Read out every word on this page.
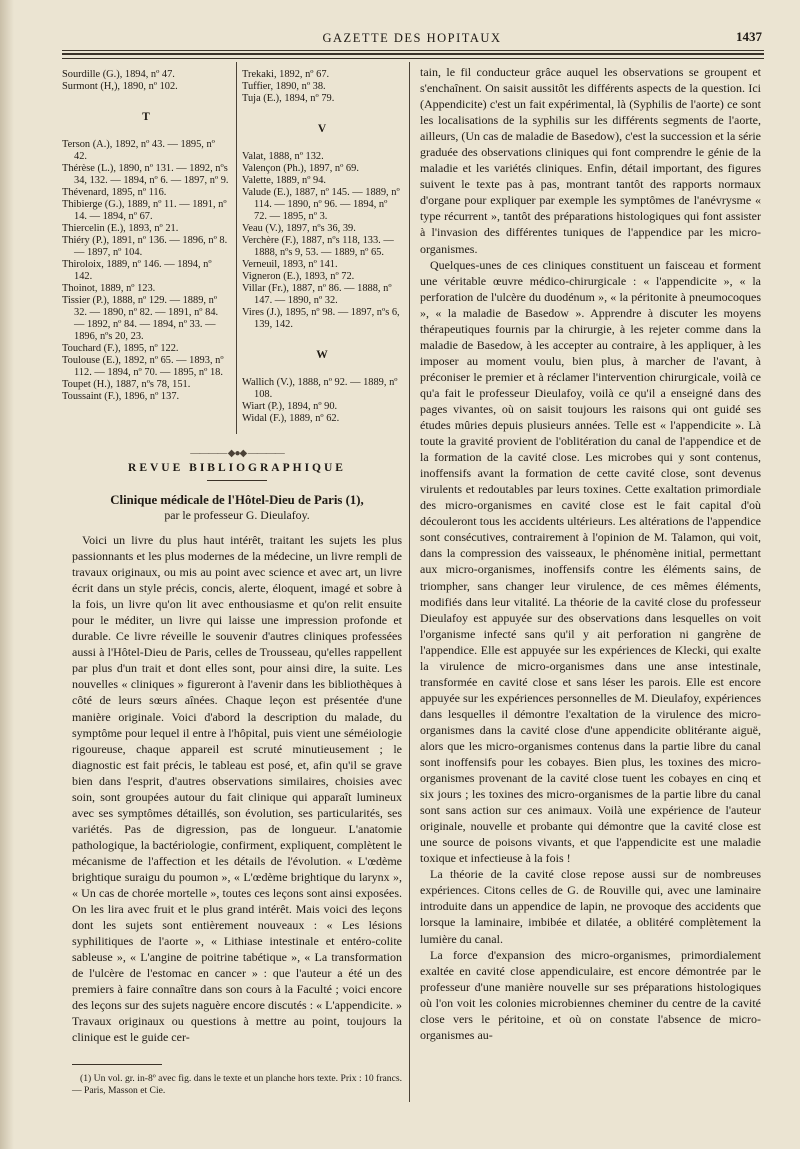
GAZETTE DES HOPITAUX	1437

Sourdille (G.), 1894, nº 47.

Surmont (H,), 1890, nº 102.

T

Terson (A.), 1892, nº 43. — 1895, nº 42.

Thérèse (L.), 1890, nº 131. — 1892, nºs 34, 132. — 1894, nº 6. — 1897, nº 9.

Thévenard, 1895, nº 116.

Thibierge (G.), 1889, nº 11. — 1891, nº 14. — 1894, nº 67.

Thiercelin (E.), 1893, nº 21.

Thiéry (P.), 1891, nº 136. — 1896, nº 8. — 1897, nº 104.

Thiroloix, 1889, nº 146. — 1894, nº 142.

Thoinot, 1889, nº 123.

Tissier (P.), 1888, nº 129. — 1889, nº 32. — 1890, nº 82. — 1891, nº 84. — 1892, nº 84. — 1894, nº 33. — 1896, nºs 20, 23.

Touchard (F.), 1895, nº 122.

Toulouse (E.), 1892, nº 65. — 1893, nº 112. — 1894, nº 70. — 1895, nº 18.

Toupet (H.), 1887, nºs 78, 151.

Toussaint (F.), 1896, nº 137.

Trekaki, 1892, nº 67.

Tuffier, 1890, nº 38.

Tuja (E.), 1894, nº 79.

V

Valat, 1888, nº 132.

Valençon (Ph.), 1897, nº 69.

Valette, 1889, nº 94.

Valude (E.), 1887, nº 145. — 1889, nº 114. — 1890, nº 96. — 1894, nº 72. — 1895, nº 3.

Veau (V.), 1897, nºs 36, 39.

Verchère (F.), 1887, nºs 118, 133. — 1888, nºs 9, 53. — 1889, nº 65.

Verneuil, 1893, nº 141.

Vigneron (E.), 1893, nº 72.

Villar (Fr.), 1887, nº 86. — 1888, nº 147. — 1890, nº 32.

Vires (J.), 1895, nº 98. — 1897, nºs 6, 139, 142.

W

Wallich (V.), 1888, nº 92. — 1889, nº 108.

Wiart (P.), 1894, nº 90.

Widal (F.), 1889, nº 62.

———— ◆●◆ ————
REVUE BIBLIOGRAPHIQUE
Clinique médicale de l'Hôtel-Dieu de Paris (1),
par le professeur G. Dieulafoy.

Voici un livre du plus haut intérêt, traitant les sujets les plus passionnants et les plus modernes de la médecine, un livre rempli de travaux originaux, ou mis au point avec science et avec art, un livre écrit dans un style précis, concis, alerte, éloquent, imagé et sobre à la fois, un livre qu'on lit avec enthousiasme et qu'on relit ensuite pour le méditer, un livre qui laisse une impression profonde et durable. Ce livre réveille le souvenir d'autres cliniques professées aussi à l'Hôtel-Dieu de Paris, celles de Trousseau, qu'elles rappellent par plus d'un trait et dont elles sont, pour ainsi dire, la suite. Les nouvelles « cliniques » figureront à l'avenir dans les bibliothèques à côté de leurs sœurs aînées. Chaque leçon est présentée d'une manière originale. Voici d'abord la description du malade, du symptôme pour lequel il entre à l'hôpital, puis vient une séméiologie rigoureuse, chaque appareil est scruté minutieusement ; le diagnostic est fait précis, le tableau est posé, et, afin qu'il se grave bien dans l'esprit, d'autres observations similaires, choisies avec soin, sont groupées autour du fait clinique qui apparaît lumineux avec ses symptômes détaillés, son évolution, ses particularités, ses variétés. Pas de digression, pas de longueur. L'anatomie pathologique, la bactériologie, confirment, expliquent, complètent le mécanisme de l'affection et les détails de l'évolution. « L'œdème brightique suraigu du poumon », « L'œdème brightique du larynx », « Un cas de chorée mortelle », toutes ces leçons sont ainsi exposées. On les lira avec fruit et le plus grand intérêt. Mais voici des leçons dont les sujets sont entièrement nouveaux : « Les lésions syphilitiques de l'aorte », « Lithiase intestinale et entéro-colite sableuse », « L'angine de poitrine tabétique », « La transformation de l'ulcère de l'estomac en cancer » : que l'auteur a été un des premiers à faire connaître dans son cours à la Faculté ; voici encore des leçons sur des sujets naguère encore discutés : « L'appendicite. » Travaux originaux ou questions à mettre au point, toujours la clinique est le guide cer-

(1) Un vol. gr. in-8º avec fig. dans le texte et un planche hors texte. Prix : 10 francs. — Paris, Masson et Cie.

tain, le fil conducteur grâce auquel les observations se groupent et s'enchaînent. On saisit aussitôt les différents aspects de la question. Ici (Appendicite) c'est un fait expérimental, là (Syphilis de l'aorte) ce sont les localisations de la syphilis sur les différents segments de l'aorte, ailleurs, (Un cas de maladie de Basedow), c'est la succession et la série graduée des observations cliniques qui font comprendre le génie de la maladie et les variétés cliniques. Enfin, détail important, des figures suivent le texte pas à pas, montrant tantôt des rapports normaux d'organe pour expliquer par exemple les symptômes de l'anévrysme « type récurrent », tantôt des préparations histologiques qui font assister à l'invasion des différentes tuniques de l'appendice par les micro-organismes.

Quelques-unes de ces cliniques constituent un faisceau et forment une véritable œuvre médico-chirurgicale : « l'appendicite », « la perforation de l'ulcère du duodénum », « la péritonite à pneumocoques », « la maladie de Basedow ». Apprendre à discuter les moyens thérapeutiques fournis par la chirurgie, à les rejeter comme dans la maladie de Basedow, à les accepter au contraire, à les appliquer, à les imposer au moment voulu, bien plus, à marcher de l'avant, à préconiser le premier et à réclamer l'intervention chirurgicale, voilà ce qu'a fait le professeur Dieulafoy, voilà ce qu'il a enseigné dans des pages vivantes, où on saisit toujours les raisons qui ont guidé ses études mûries depuis plusieurs années. Telle est « l'appendicite ». Là toute la gravité provient de l'oblitération du canal de l'appendice et de la formation de la cavité close. Les microbes qui y sont contenus, inoffensifs avant la formation de cette cavité close, sont devenus virulents et redoutables par leurs toxines. Cette exaltation primordiale des micro-organismes en cavité close est le fait capital d'où découleront tous les accidents ultérieurs. Les altérations de l'appendice sont consécutives, contrairement à l'opinion de M. Talamon, qui voit, dans la compression des vaisseaux, le phénomène initial, permettant aux micro-organismes, inoffensifs contre les éléments sains, de triompher, sans changer leur virulence, de ces mêmes éléments, modifiés dans leur vitalité. La théorie de la cavité close du professeur Dieulafoy est appuyée sur des observations dans lesquelles on voit l'organisme infecté sans qu'il y ait perforation ni gangrène de l'appendice. Elle est appuyée sur les expériences de Klecki, qui exalte la virulence de micro-organismes dans une anse intestinale, transformée en cavité close et sans léser les parois. Elle est encore appuyée sur les expériences personnelles de M. Dieulafoy, expériences dans lesquelles il démontre l'exaltation de la virulence des micro-organismes dans la cavité close d'une appendicite oblitérante aiguë, alors que les micro-organismes contenus dans la partie libre du canal sont inoffensifs pour les cobayes. Bien plus, les toxines des micro-organismes provenant de la cavité close tuent les cobayes en cinq et six jours ; les toxines des micro-organismes de la partie libre du canal sont sans action sur ces animaux. Voilà une expérience de l'auteur originale, nouvelle et probante qui démontre que la cavité close est une source de poisons vivants, et que l'appendicite est une maladie toxique et infectieuse à la fois !

La théorie de la cavité close repose aussi sur de nombreuses expériences. Citons celles de G. de Rouville qui, avec une laminaire introduite dans un appendice de lapin, ne provoque des accidents que lorsque la laminaire, imbibée et dilatée, a oblitéré complètement la lumière du canal.

La force d'expansion des micro-organismes, primordialement exaltée en cavité close appendiculaire, est encore démontrée par le professeur d'une manière nouvelle sur ses préparations histologiques où l'on voit les colonies microbiennes cheminer du centre de la cavité close vers le péritoine, et où on constate l'absence de micro-organismes au-
